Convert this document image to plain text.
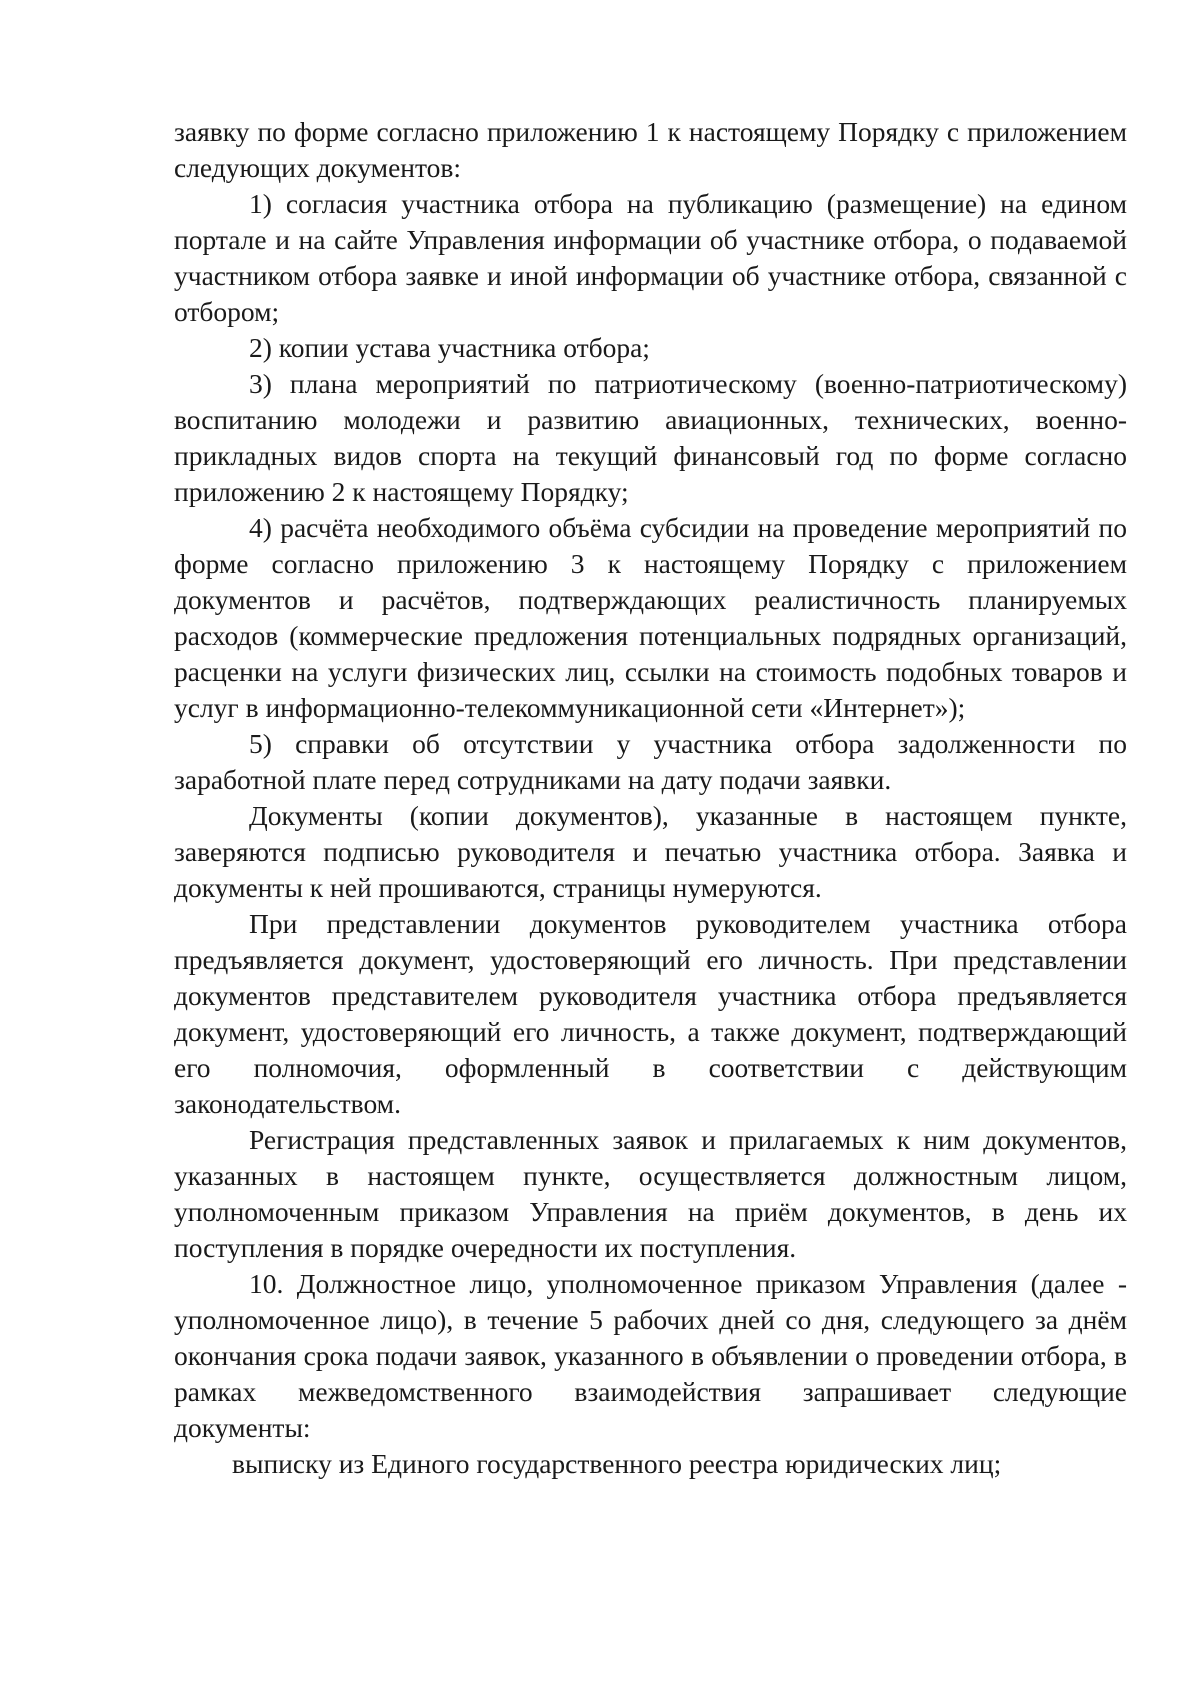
заявку по форме согласно приложению 1 к настоящему Порядку с приложением следующих документов:

1) согласия участника отбора на публикацию (размещение) на едином портале и на сайте Управления информации об участнике отбора, о подаваемой участником отбора заявке и иной информации об участнике отбора, связанной с отбором;

2) копии устава участника отбора;

3) плана мероприятий по патриотическому (военно-патриотическому) воспитанию молодежи и развитию авиационных, технических, военно-прикладных видов спорта на текущий финансовый год по форме согласно приложению 2 к настоящему Порядку;

4) расчёта необходимого объёма субсидии на проведение мероприятий по форме согласно приложению 3 к настоящему Порядку с приложением документов и расчётов, подтверждающих реалистичность планируемых расходов (коммерческие предложения потенциальных подрядных организаций, расценки на услуги физических лиц, ссылки на стоимость подобных товаров и услуг в информационно-телекоммуникационной сети «Интернет»);

5) справки об отсутствии у участника отбора задолженности по заработной плате перед сотрудниками на дату подачи заявки.

Документы (копии документов), указанные в настоящем пункте, заверяются подписью руководителя и печатью участника отбора. Заявка и документы к ней прошиваются, страницы нумеруются.

При представлении документов руководителем участника отбора предъявляется документ, удостоверяющий его личность. При представлении документов представителем руководителя участника отбора предъявляется документ, удостоверяющий его личность, а также документ, подтверждающий его полномочия, оформленный в соответствии с действующим законодательством.

Регистрация представленных заявок и прилагаемых к ним документов, указанных в настоящем пункте, осуществляется должностным лицом, уполномоченным приказом Управления на приём документов, в день их поступления в порядке очередности их поступления.

10. Должностное лицо, уполномоченное приказом Управления (далее - уполномоченное лицо), в течение 5 рабочих дней со дня, следующего за днём окончания срока подачи заявок, указанного в объявлении о проведении отбора, в рамках межведомственного взаимодействия запрашивает следующие документы:

выписку из Единого государственного реестра юридических лиц;
